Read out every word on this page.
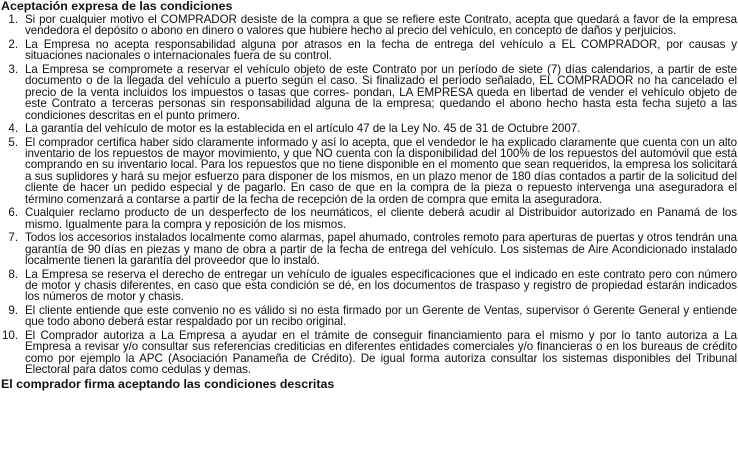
Aceptación expresa de las condiciones
1. Si por cualquier motivo el COMPRADOR desiste de la compra a que se refiere este Contrato, acepta que quedará a favor de la empresa vendedora el depósito o abono en dinero o valores que hubiere hecho al precio del vehículo, en concepto de daños y perjuicios.
2. La Empresa no acepta responsabilidad alguna por atrasos en la fecha de entrega del vehículo a EL COMPRADOR, por causas y situaciones nacionales o internacionales fuera de su control.
3. La Empresa se compromete a reservar el vehículo objeto de este Contrato por un período de siete (7) días calendarios, a partir de este documento o de la llegada del vehículo a puerto según el caso. Si finalizado el período señalado, EL COMPRADOR no ha cancelado el precio de la venta incluidos los impuestos o tasas que corres- pondan, LA EMPRESA queda en libertad de vender el vehículo objeto de este Contrato a terceras personas sin responsabilidad alguna de la empresa; quedando el abono hecho hasta esta fecha sujeto a las condiciones descritas en el punto primero.
4. La garantía del vehículo de motor es la establecida en el artículo 47 de la Ley No. 45 de 31 de Octubre 2007.
5. El comprador certifica haber sido claramente informado y así lo acepta, que el vendedor le ha explicado claramente que cuenta con un alto inventario de los repuestos de mayor movimiento, y que NO cuenta con la disponibilidad del 100% de los repuestos del automóvil que está comprando en su inventario local. Para los repuestos que no tiene disponible en el momento que sean requeridos, la empresa los solicitará a sus suplidores y hará su mejor esfuerzo para disponer de los mismos, en un plazo menor de 180 días contados a partir de la solicitud del cliente de hacer un pedido especial y de pagarlo. En caso de que en la compra de la pieza o repuesto intervenga una aseguradora el término comenzará a contarse a partir de la fecha de recepción de la orden de compra que emita la aseguradora.
6. Cualquier reclamo producto de un desperfecto de los neumáticos, el cliente deberá acudir al Distribuidor autorizado en Panamá de los mismo. Igualmente para la compra y reposición de los mismos.
7. Todos los accesorios instalados localmente como alarmas, papel ahumado, controles remoto para aperturas de puertas y otros tendrán una garantía de 90 días en piezas y mano de obra a partir de la fecha de entrega del vehículo. Los sistemas de Aire Acondicionado instalado localmente tienen la garantía del proveedor que lo instaló.
8. La Empresa se reserva el derecho de entregar un vehículo de iguales especificaciones que el indicado en este contrato pero con número de motor y chasis diferentes, en caso que esta condición se dé, en los documentos de traspaso y registro de propiedad estarán indicados los números de motor y chasis.
9. El cliente entiende que este convenio no es válido si no esta firmado por un Gerente de Ventas, supervisor ó Gerente General y entiende que todo abono deberá estar respaldado por un recibo original.
10. El Comprador autoriza a La Empresa a ayudar en el trámite de conseguir financiamiento para el mismo y por lo tanto autoriza a La Empresa a revisar y/o consultar sus referencias crediticias en diferentes entidades comerciales y/o financieras o en los bureaus de crédito como por ejemplo la APC (Asociación Panameña de Crédito). De igual forma autoriza consultar los sistemas disponibles del Tribunal Electoral para datos como cedulas y demas.
El comprador firma aceptando las condiciones descritas
